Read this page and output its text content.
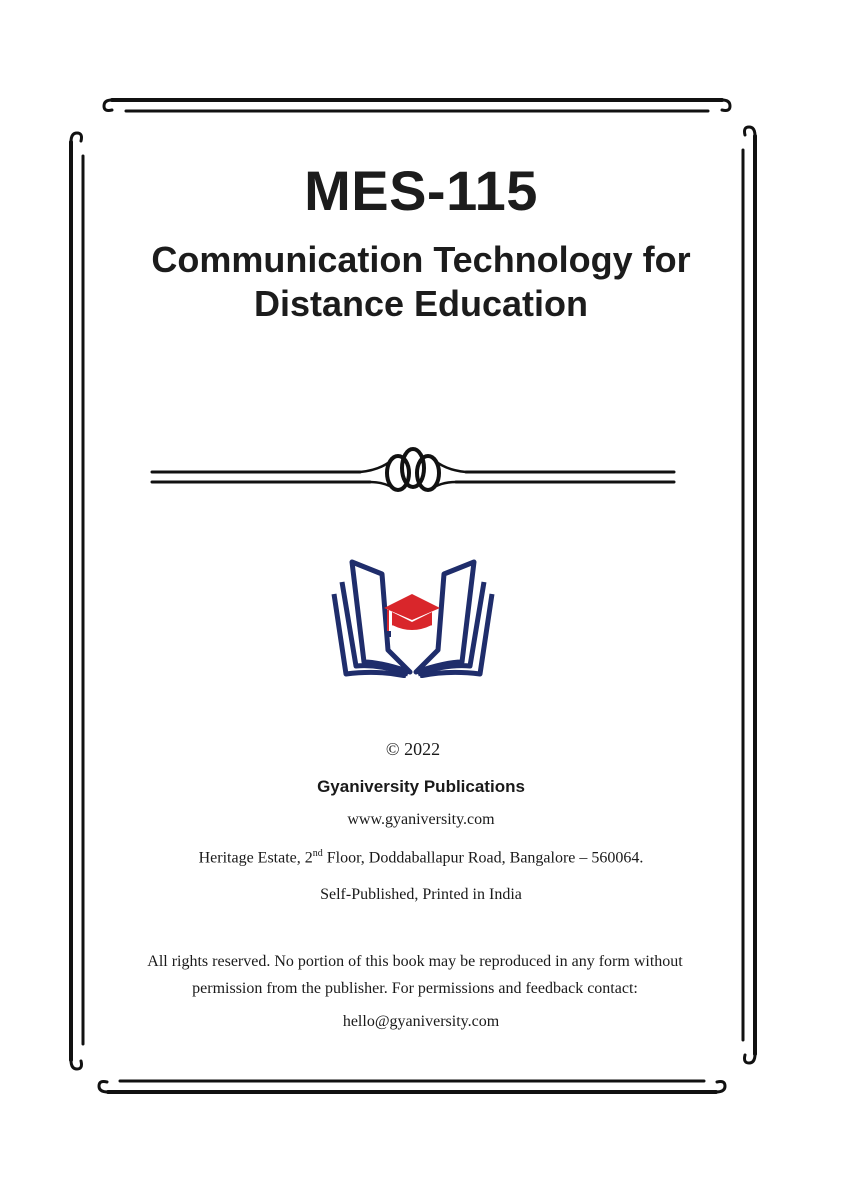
MES-115
Communication Technology for
Distance Education
© 2022
Gyaniversity Publications
www.gyaniversity.com
Heritage Estate, 2nd Floor, Doddaballapur Road, Bangalore – 560064.
Self-Published, Printed in India
All rights reserved. No portion of this book may be reproduced in any form without
permission from the publisher. For permissions and feedback contact:
hello@gyaniversity.com
